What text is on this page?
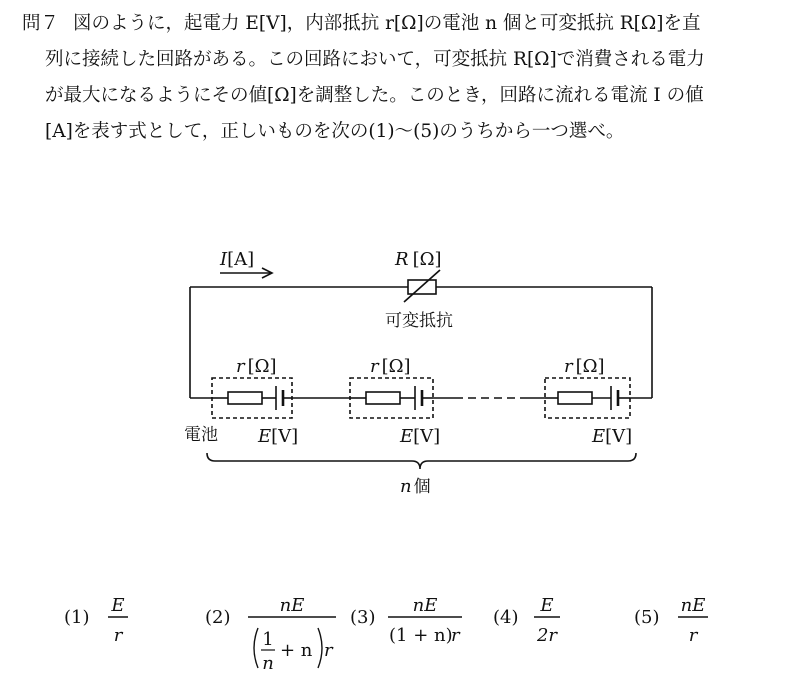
問７ 図のように，起電力 E[V]，内部抵抗 r[Ω]の電池 n 個と可変抵抗 R[Ω]を直
列に接続した回路がある。この回路において，可変抵抗 R[Ω]で消費される電力
が最大になるようにその値[Ω]を調整した。このとき，回路に流れる電流 I の値
[A]を表す式として，正しいものを次の(1)～(5)のうちから一つ選べ。
I[A]	R [Ω]
可変抵抗
r [Ω]	r [Ω]	r [Ω]
電池 E[V]	E[V]	E[V]
n 個
(1)
E
r
(2)
nE
1
n
+ n r
(3)
nE
(1 + n)
r
(4)
E
2r
(5)
nE
r
